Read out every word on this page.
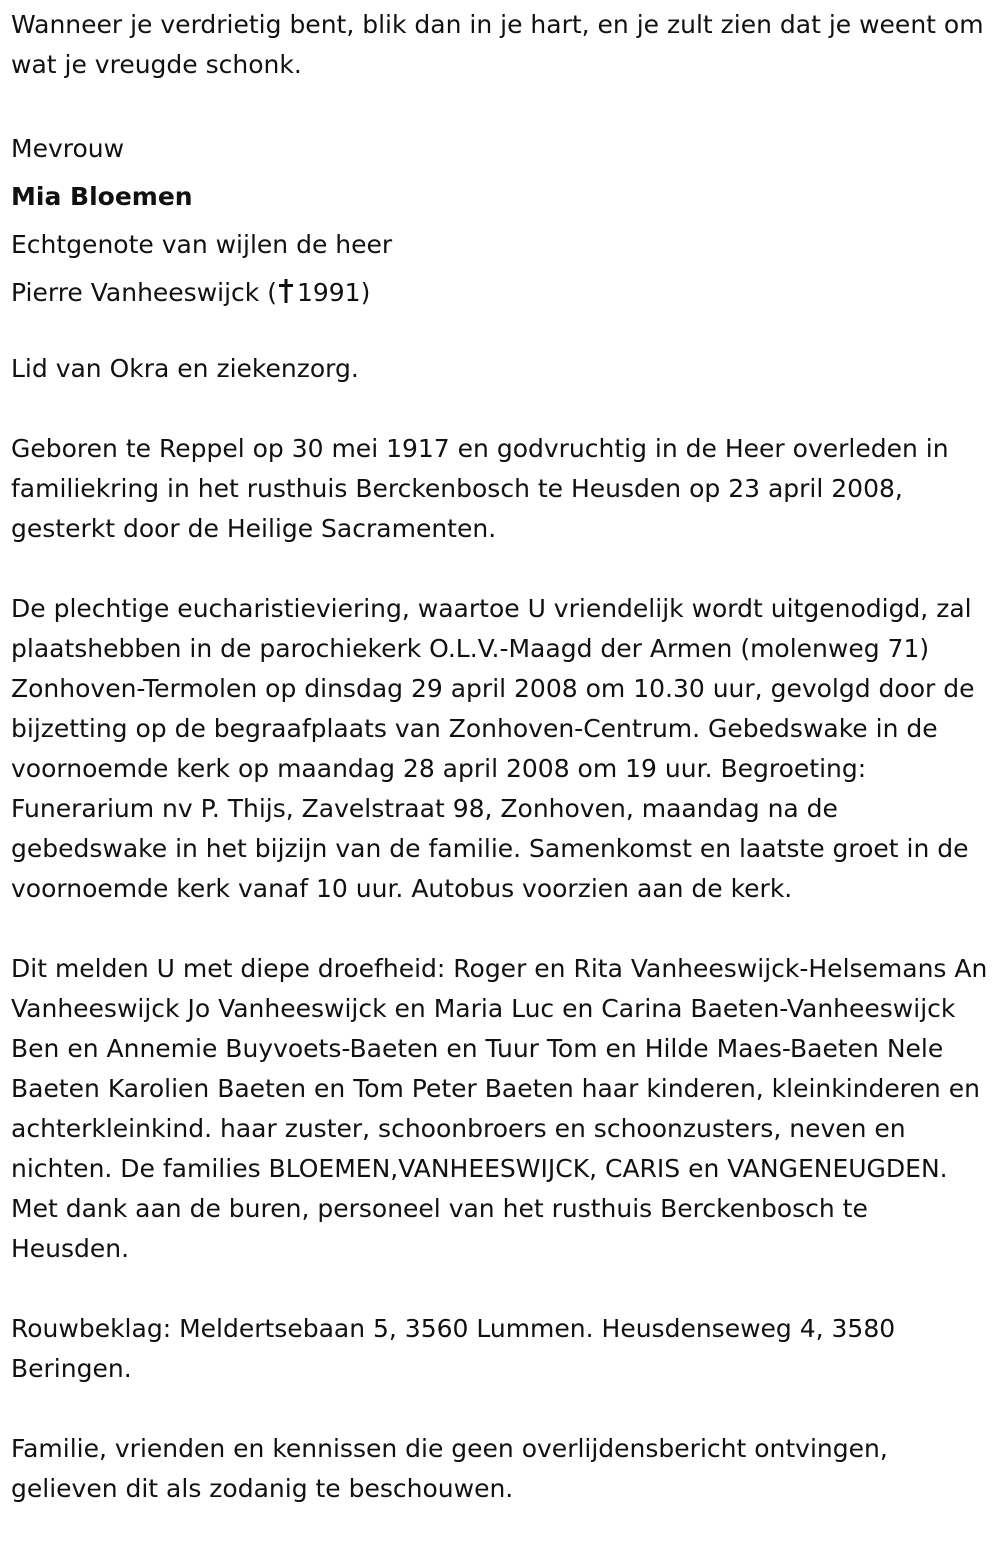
Wanneer je verdrietig bent, blik dan in je hart, en je zult zien dat je weent om wat je vreugde schonk.

Mevrouw
Mia Bloemen
Echtgenote van wijlen de heer
Pierre Vanheeswijck ( 1991)

Lid van Okra en ziekenzorg.

Geboren te Reppel op 30 mei 1917 en godvruchtig in de Heer overleden in familiekring in het rusthuis Berckenbosch te Heusden op 23 april 2008, gesterkt door de Heilige Sacramenten.

De plechtige eucharistieviering, waartoe U vriendelijk wordt uitgenodigd, zal plaatshebben in de parochiekerk O.L.V.-Maagd der Armen (molenweg 71) Zonhoven-Termolen op dinsdag 29 april 2008 om 10.30 uur, gevolgd door de bijzetting op de begraafplaats van Zonhoven-Centrum. Gebedswake in de voornoemde kerk op maandag 28 april 2008 om 19 uur. Begroeting: Funerarium nv P. Thijs, Zavelstraat 98, Zonhoven, maandag na de gebedswake in het bijzijn van de familie. Samenkomst en laatste groet in de voornoemde kerk vanaf 10 uur. Autobus voorzien aan de kerk.

Dit melden U met diepe droefheid: Roger en Rita Vanheeswijck-Helsemans An Vanheeswijck Jo Vanheeswijck en Maria Luc en Carina Baeten-Vanheeswijck Ben en Annemie Buyvoets-Baeten en Tuur Tom en Hilde Maes-Baeten Nele Baeten Karolien Baeten en Tom Peter Baeten haar kinderen, kleinkinderen en achterkleinkind. haar zuster, schoonbroers en schoonzusters, neven en nichten. De families BLOEMEN,VANHEESWIJCK, CARIS en VANGENEUGDEN. Met dank aan de buren, personeel van het rusthuis Berckenbosch te Heusden.

Rouwbeklag: Meldertsebaan 5, 3560 Lummen. Heusdenseweg 4, 3580 Beringen.

Familie, vrienden en kennissen die geen overlijdensbericht ontvingen, gelieven dit als zodanig te beschouwen.
